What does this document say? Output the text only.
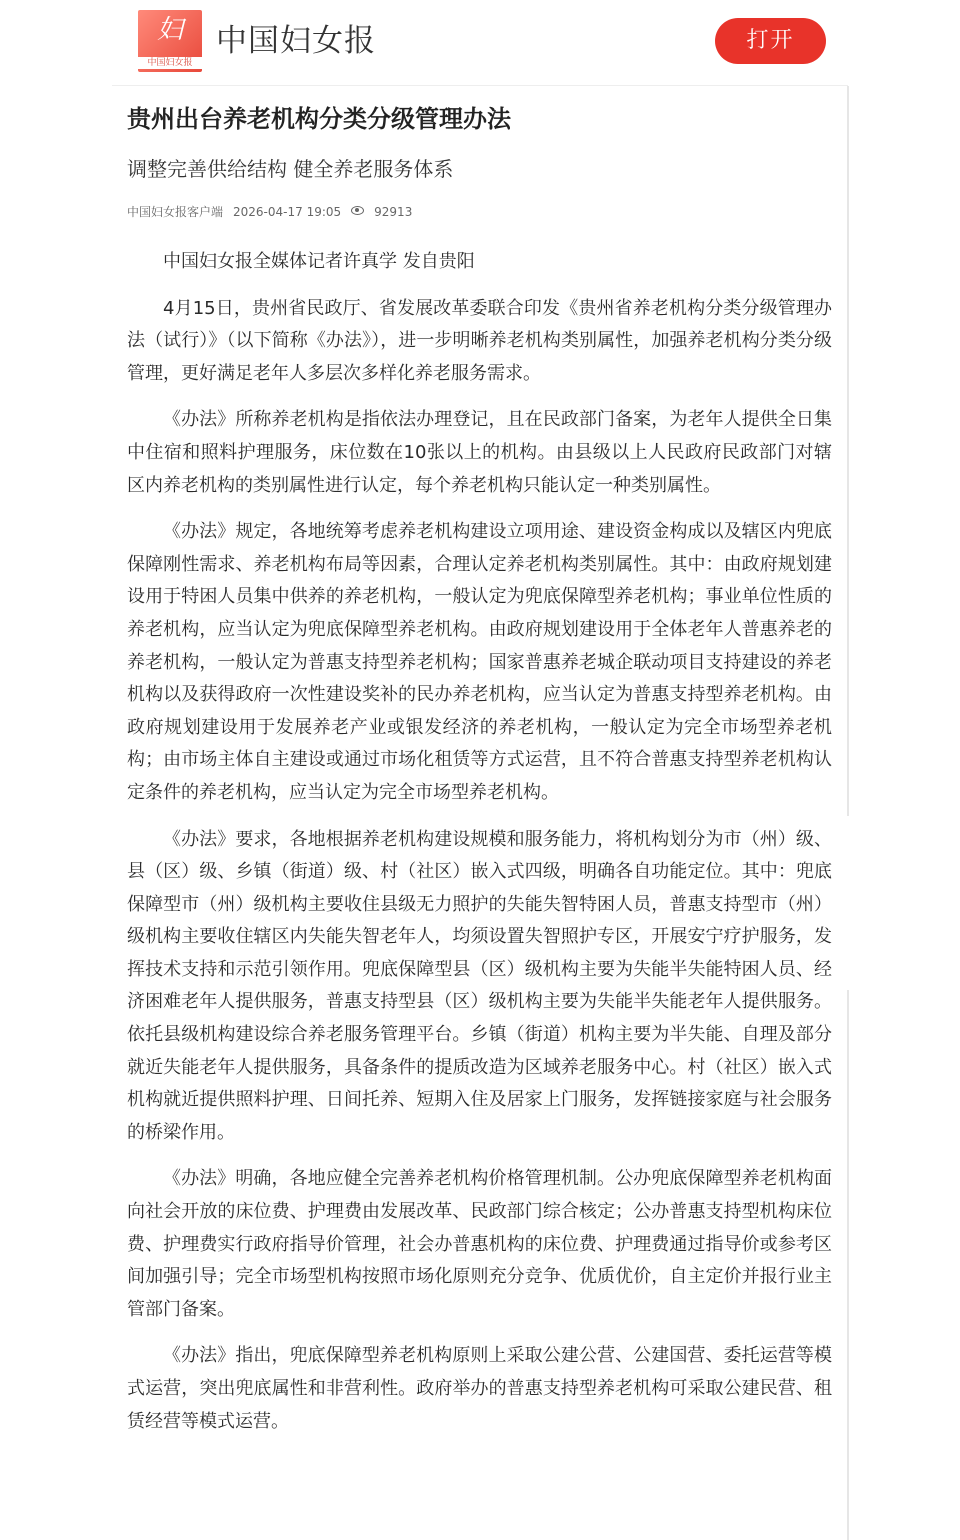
妇
中国妇女报
中国妇女报	打开
贵州出台养老机构分类分级管理办法
调整完善供给结构 健全养老服务体系
中国妇女报客户端 2026-04-17 19:05	92913

中国妇女报全媒体记者许真学 发自贵阳

4月15日，贵州省民政厅、省发展改革委联合印发《贵州省养老机构分类分级管理办法（试行）》（以下简称《办法》），进一步明晰养老机构类别属性，加强养老机构分类分级管理，更好满足老年人多层次多样化养老服务需求。

《办法》所称养老机构是指依法办理登记，且在民政部门备案，为老年人提供全日集中住宿和照料护理服务，床位数在10张以上的机构。由县级以上人民政府民政部门对辖区内养老机构的类别属性进行认定，每个养老机构只能认定一种类别属性。

《办法》规定，各地统筹考虑养老机构建设立项用途、建设资金构成以及辖区内兜底保障刚性需求、养老机构布局等因素，合理认定养老机构类别属性。其中：由政府规划建设用于特困人员集中供养的养老机构，一般认定为兜底保障型养老机构；事业单位性质的养老机构，应当认定为兜底保障型养老机构。由政府规划建设用于全体老年人普惠养老的养老机构，一般认定为普惠支持型养老机构；国家普惠养老城企联动项目支持建设的养老机构以及获得政府一次性建设奖补的民办养老机构，应当认定为普惠支持型养老机构。由政府规划建设用于发展养老产业或银发经济的养老机构，一般认定为完全市场型养老机构；由市场主体自主建设或通过市场化租赁等方式运营，且不符合普惠支持型养老机构认定条件的养老机构，应当认定为完全市场型养老机构。

《办法》要求，各地根据养老机构建设规模和服务能力，将机构划分为市（州）级、县（区）级、乡镇（街道）级、村（社区）嵌入式四级，明确各自功能定位。其中：兜底保障型市（州）级机构主要收住县级无力照护的失能失智特困人员，普惠支持型市（州）级机构主要收住辖区内失能失智老年人，均须设置失智照护专区，开展安宁疗护服务，发挥技术支持和示范引领作用。兜底保障型县（区）级机构主要为失能半失能特困人员、经济困难老年人提供服务，普惠支持型县（区）级机构主要为失能半失能老年人提供服务。依托县级机构建设综合养老服务管理平台。乡镇（街道）机构主要为半失能、自理及部分就近失能老年人提供服务，具备条件的提质改造为区域养老服务中心。村（社区）嵌入式机构就近提供照料护理、日间托养、短期入住及居家上门服务，发挥链接家庭与社会服务的桥梁作用。

《办法》明确，各地应健全完善养老机构价格管理机制。公办兜底保障型养老机构面向社会开放的床位费、护理费由发展改革、民政部门综合核定；公办普惠支持型机构床位费、护理费实行政府指导价管理，社会办普惠机构的床位费、护理费通过指导价或参考区间加强引导；完全市场型机构按照市场化原则充分竞争、优质优价，自主定价并报行业主管部门备案。

《办法》指出，兜底保障型养老机构原则上采取公建公营、公建国营、委托运营等模式运营，突出兜底属性和非营利性。政府举办的普惠支持型养老机构可采取公建民营、租赁经营等模式运营。
